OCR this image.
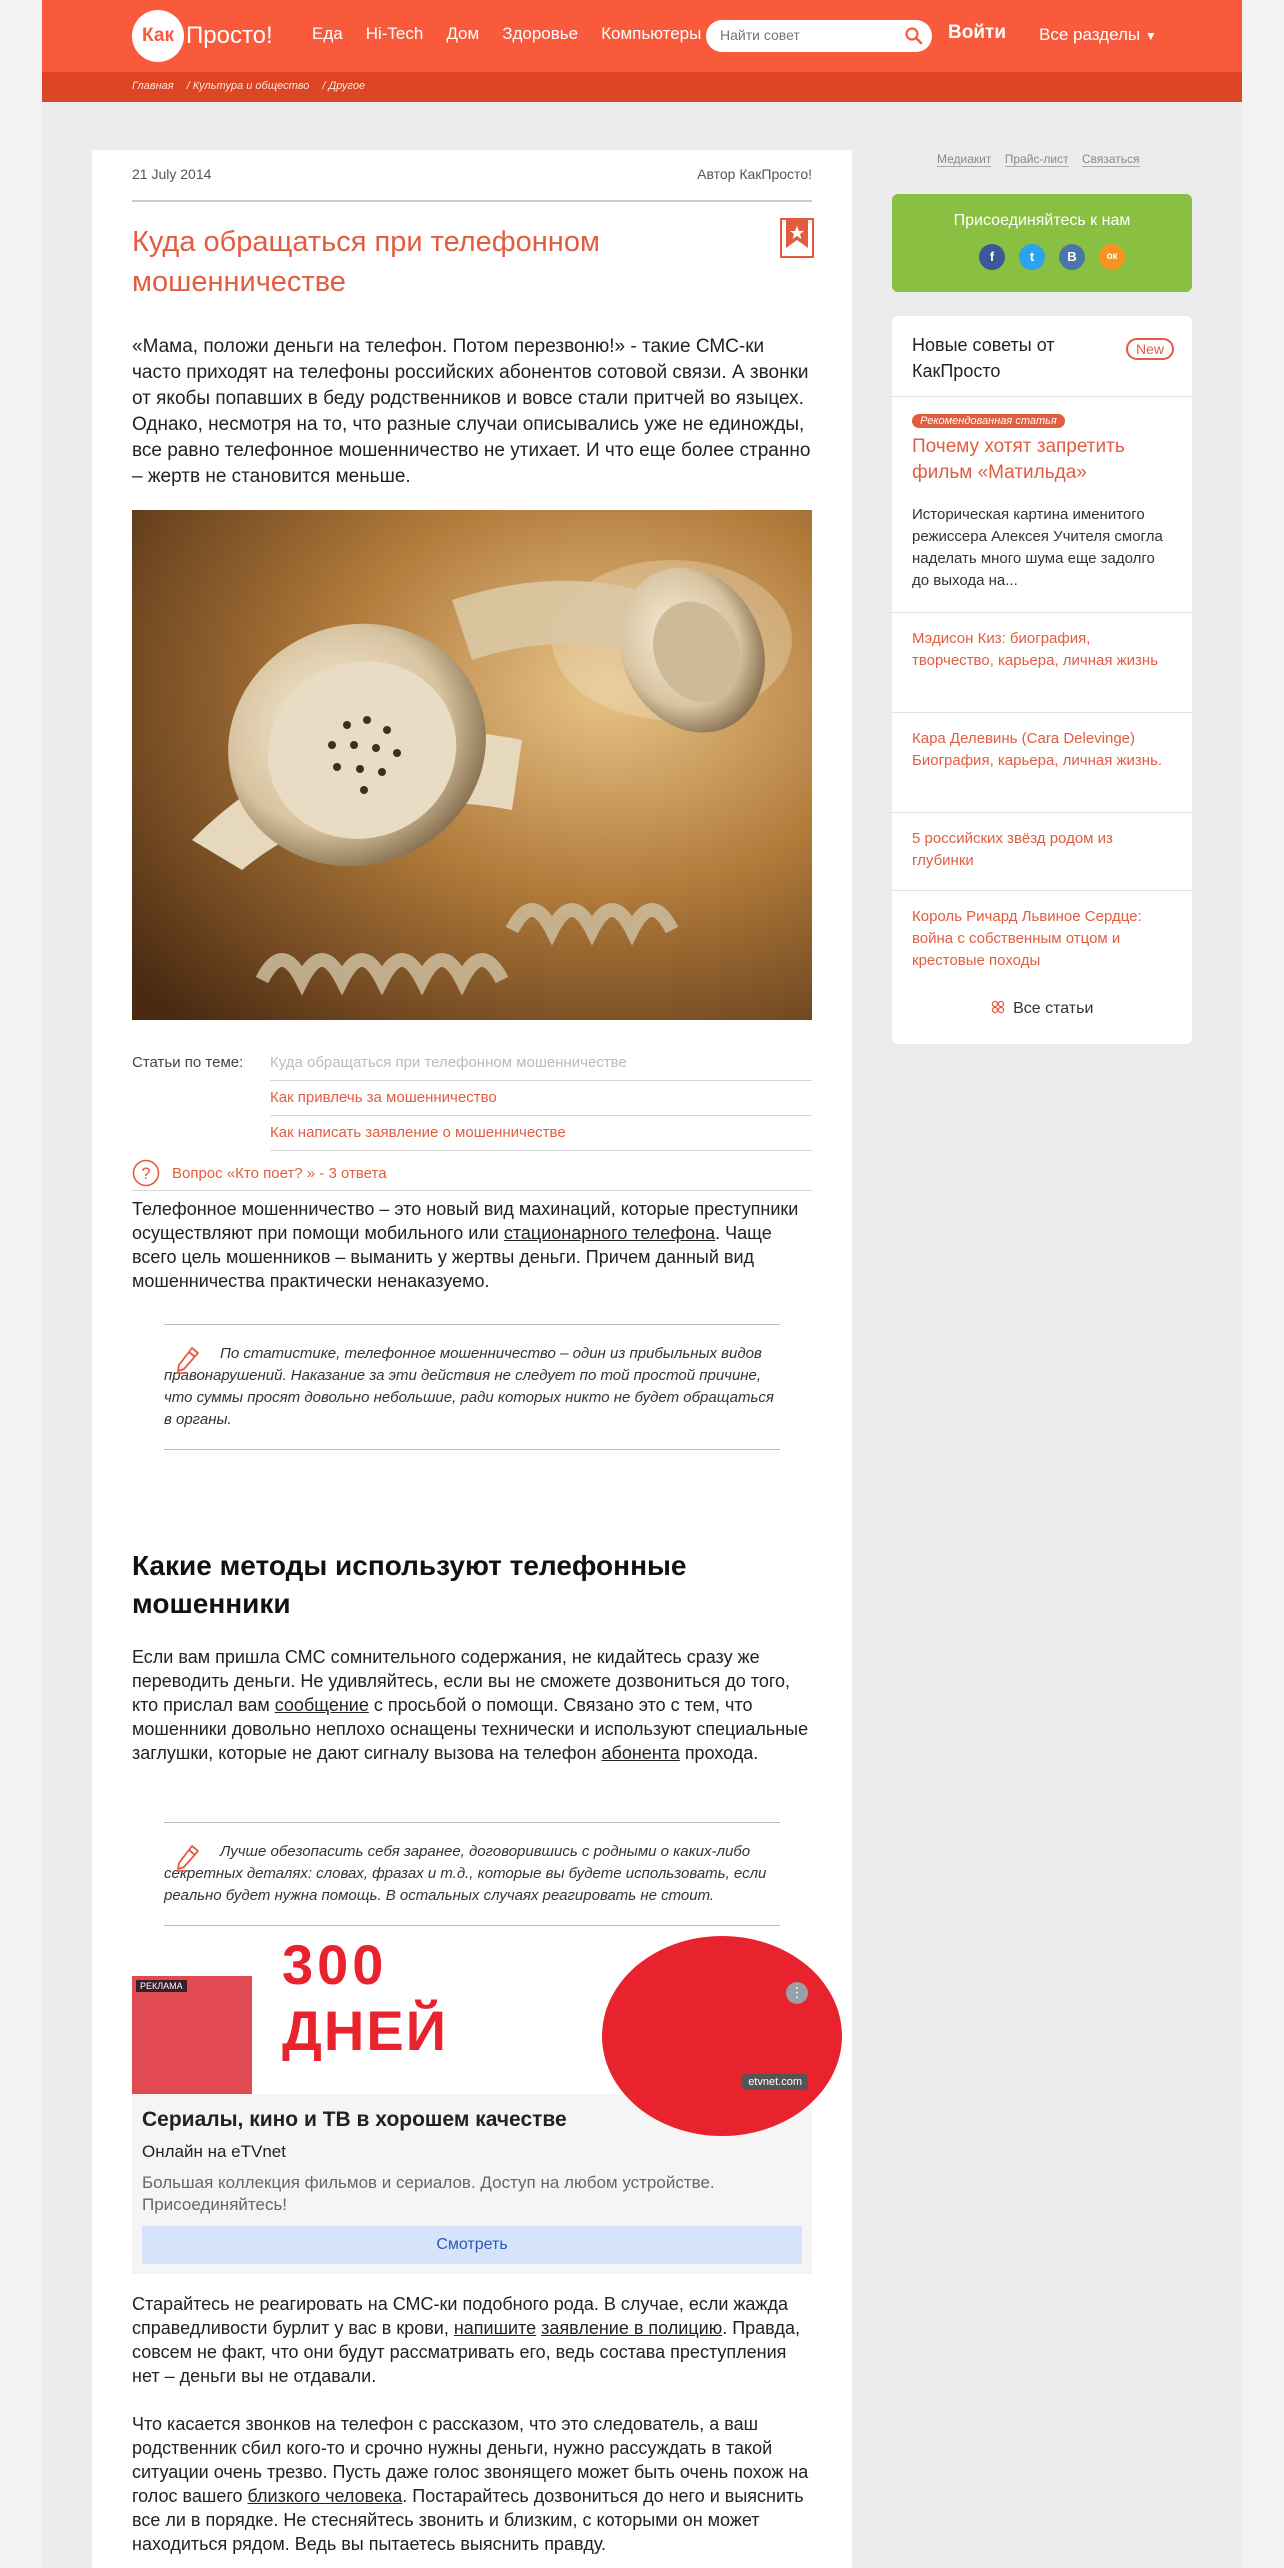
Как Просто! Еда Hi-Tech Дом Здоровье Компьютеры
Найти совет	Войти Все разделы ▼
Главная / Культура и общество / Другое
21 July 2014	Автор КакПросто!
Куда обращаться при телефонном мошенничестве

«Мама, положи деньги на телефон. Потом перезвоню!» - такие СМС-ки часто приходят на телефоны российских абонентов сотовой связи. А звонки от якобы попавших в беду родственников и вовсе стали притчей во языцех. Однако, несмотря на то, что разные случаи описывались уже не единожды, все равно телефонное мошенничество не утихает. И что еще более странно – жертв не становится меньше.

Статьи по теме: Куда обращаться при телефонном мошенничестве
Как привлечь за мошенничество
Как написать заявление о мошенничестве
? Вопрос «Кто поет? » - 3 ответа

Телефонное мошенничество – это новый вид махинаций, которые преступники осуществляют при помощи мобильного или стационарного телефона. Чаще всего цель мошенников – выманить у жертвы деньги. Причем данный вид мошенничества практически ненаказуемо.

По статистике, телефонное мошенничество – один из прибыльных видов правонарушений. Наказание за эти действия не следует по той простой причине, что суммы просят довольно небольшие, ради которых никто не будет обращаться в органы.

Какие методы используют телефонные мошенники

Если вам пришла СМС сомнительного содержания, не кидайтесь сразу же переводить деньги. Не удивляйтесь, если вы не сможете дозвониться до того, кто прислал вам сообщение с просьбой о помощи. Связано это с тем, что мошенники довольно неплохо оснащены технически и используют специальные заглушки, которые не дают сигналу вызова на телефон абонента прохода.

Лучше обезопасить себя заранее, договорившись с родными о каких-либо секретных деталях: словах, фразах и т.д., которые вы будете использовать, если реально будет нужна помощь. В остальных случаях реагировать не стоит.

300
ДНЕЙ
РЕКЛАМА	⋮
etvnet.com
Сериалы, кино и ТВ в хорошем качестве
Онлайн на eTVnet
Большая коллекция фильмов и сериалов. Доступ на любом устройстве. Присоединяйтесь!
Смотреть

Старайтесь не реагировать на СМС-ки подобного рода. В случае, если жажда справедливости бурлит у вас в крови, напишите заявление в полицию. Правда, совсем не факт, что они будут рассматривать его, ведь состава преступления нет – деньги вы не отдавали.

Что касается звонков на телефон с рассказом, что это следователь, а ваш родственник сбил кого-то и срочно нужны деньги, нужно рассуждать в такой ситуации очень трезво. Пусть даже голос звонящего может быть очень похож на голос вашего близкого человека. Постарайтесь дозвониться до него и выяснить все ли в порядке. Не стесняйтесь звонить и близким, с которыми он может находиться рядом. Ведь вы пытаетесь выяснить правду.

Медиакит Прайс-лист Связаться
Присоединяйтесь к нам
f	t	В	ок
Новые советы от КакПросто
New
Рекомендованная статья
Почему хотят запретить фильм «Матильда»
Историческая картина именитого режиссера Алексея Учителя смогла наделать много шума еще задолго до выхода на...
Мэдисон Киз: биография, творчество, карьера, личная жизнь
Кара Делевинь (Cara Delevinge) Биография, карьера, личная жизнь.
5 российских звёзд родом из глубинки
Король Ричард Львиное Сердце: война с собственным отцом и крестовые походы
Все статьи
